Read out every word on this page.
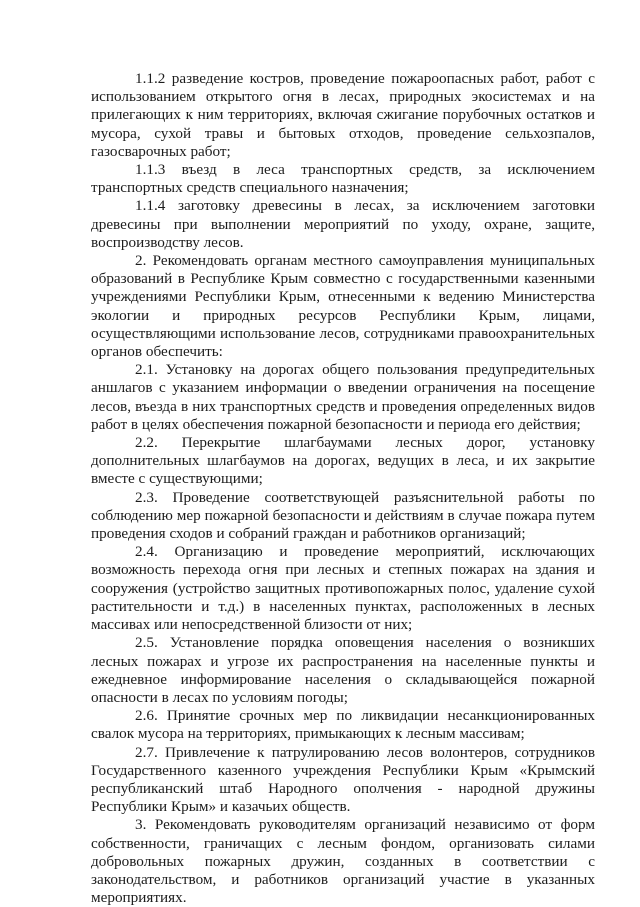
1.1.2 разведение костров, проведение пожароопасных работ, работ с использованием открытого огня в лесах, природных экосистемах и на прилегающих к ним территориях, включая сжигание порубочных остатков и мусора, сухой травы и бытовых отходов, проведение сельхозпалов, газосварочных работ;

1.1.3 въезд в леса транспортных средств, за исключением транспортных средств специального назначения;

1.1.4 заготовку древесины в лесах, за исключением заготовки древесины при выполнении мероприятий по уходу, охране, защите, воспроизводству лесов.

2. Рекомендовать органам местного самоуправления муниципальных образований в Республике Крым совместно с государственными казенными учреждениями Республики Крым, отнесенными к ведению Министерства экологии и природных ресурсов Республики Крым, лицами, осуществляющими использование лесов, сотрудниками правоохранительных органов обеспечить:

2.1. Установку на дорогах общего пользования предупредительных аншлагов с указанием информации о введении ограничения на посещение лесов, въезда в них транспортных средств и проведения определенных видов работ в целях обеспечения пожарной безопасности и периода его действия;

2.2. Перекрытие шлагбаумами лесных дорог, установку дополнительных шлагбаумов на дорогах, ведущих в леса, и их закрытие вместе с существующими;

2.3. Проведение соответствующей разъяснительной работы по соблюдению мер пожарной безопасности и действиям в случае пожара путем проведения сходов и собраний граждан и работников организаций;

2.4. Организацию и проведение мероприятий, исключающих возможность перехода огня при лесных и степных пожарах на здания и сооружения (устройство защитных противопожарных полос, удаление сухой растительности и т.д.) в населенных пунктах, расположенных в лесных массивах или непосредственной близости от них;

2.5. Установление порядка оповещения населения о возникших лесных пожарах и угрозе их распространения на населенные пункты и ежедневное информирование населения о складывающейся пожарной опасности в лесах по условиям погоды;

2.6. Принятие срочных мер по ликвидации несанкционированных свалок мусора на территориях, примыкающих к лесным массивам;

2.7. Привлечение к патрулированию лесов волонтеров, сотрудников Государственного казенного учреждения Республики Крым «Крымский республиканский штаб Народного ополчения - народной дружины Республики Крым» и казачьих обществ.

3. Рекомендовать руководителям организаций независимо от форм собственности, граничащих с лесным фондом, организовать силами добровольных пожарных дружин, созданных в соответствии с законодательством, и работников организаций участие в указанных мероприятиях.
